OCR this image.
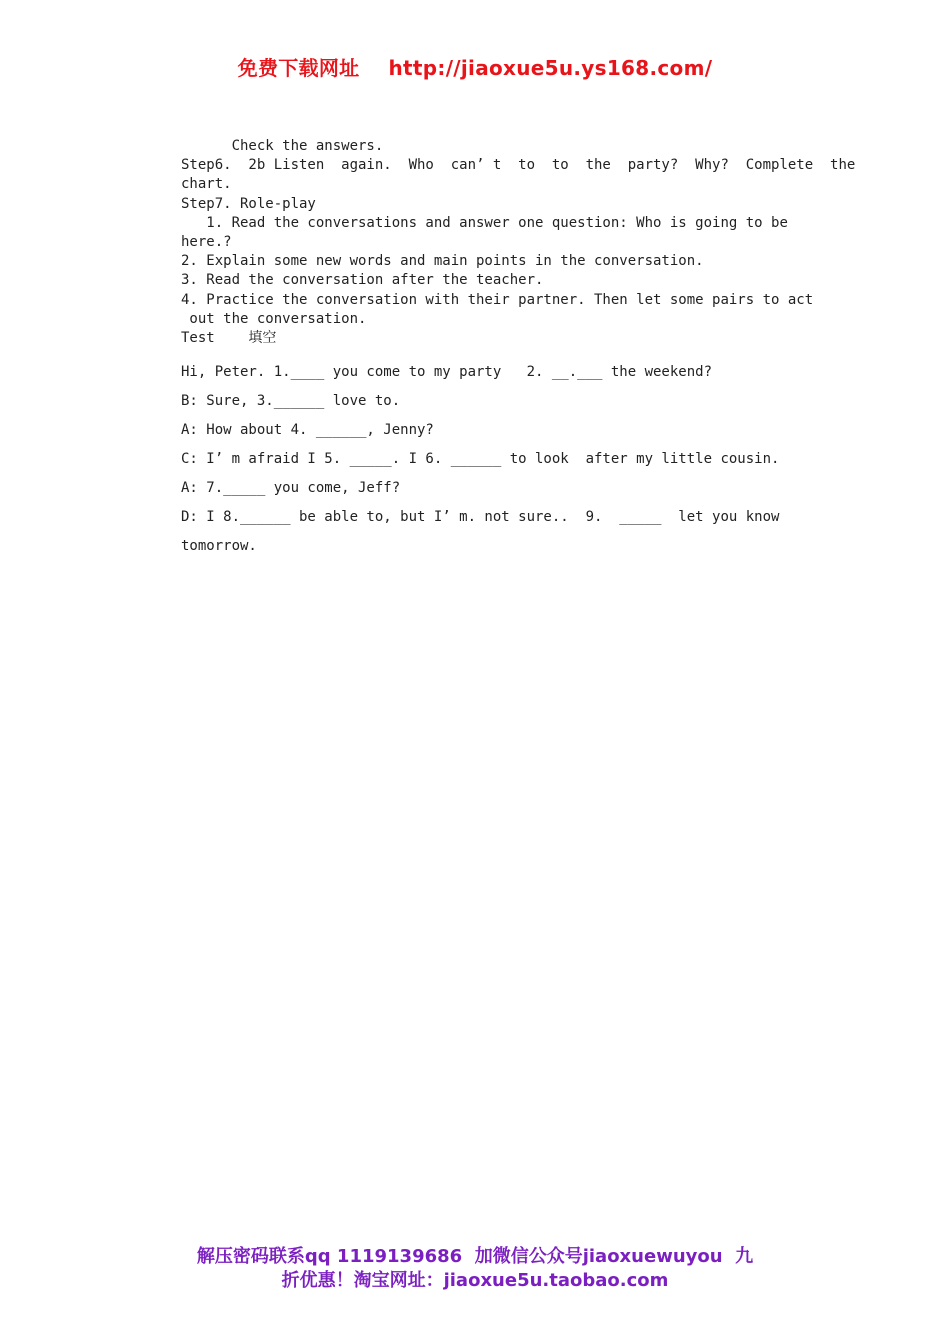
免费下载网址 http://jiaoxue5u.ys168.com/
Check the answers.
Step6.  2b Listen  again.  Who  can’ t  to  to  the  party?  Why?  Complete  the
chart.
Step7. Role-play
1. Read the conversations and answer one question: Who is going to be
here.?
2. Explain some new words and main points in the conversation.
3. Read the conversation after the teacher.
4. Practice the conversation with their partner. Then let some pairs to act
out the conversation.
Test    填空
Hi, Peter. 1.____ you come to my party   2. __.___ the weekend?
B: Sure, 3.______ love to.
A: How about 4. ______, Jenny?
C: I’ m afraid I 5. _____. I 6. ______ to look  after my little cousin.
A: 7._____ you come, Jeff?
D: I 8.______ be able to, but I’ m. not sure..  9.  _____  let you know
tomorrow.
解压密码联系qq 1119139686  加微信公众号jiaoxuewuyou  九
折优惠！淘宝网址：jiaoxue5u.taobao.com
